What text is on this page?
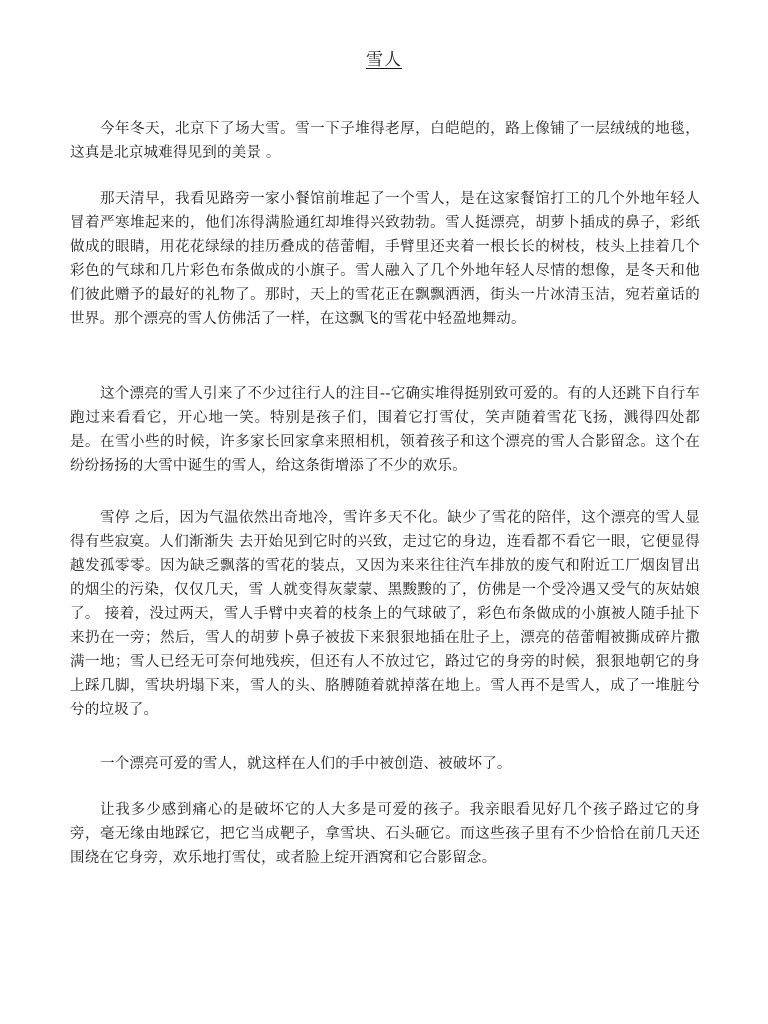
雪人

今年冬天，北京下了场大雪。雪一下子堆得老厚，白皑皑的，路上像铺了一层绒绒的地毯，这真是北京城难得见到的美景 。

那天清早，我看见路旁一家小餐馆前堆起了一个雪人，是在这家餐馆打工的几个外地年轻人冒着严寒堆起来的，他们冻得满脸通红却堆得兴致勃勃。雪人挺漂亮，胡萝卜插成的鼻子，彩纸做成的眼睛，用花花绿绿的挂历叠成的蓓蕾帽，手臂里还夹着一根长长的树枝，枝头上挂着几个彩色的气球和几片彩色布条做成的小旗子。雪人融入了几个外地年轻人尽情的想像，是冬天和他们彼此赠予的最好的礼物了。那时，天上的雪花正在飘飘洒洒，街头一片冰清玉洁，宛若童话的世界。那个漂亮的雪人仿佛活了一样，在这飘飞的雪花中轻盈地舞动。

这个漂亮的雪人引来了不少过往行人的注目--它确实堆得挺别致可爱的。有的人还跳下自行车跑过来看看它，开心地一笑。特别是孩子们，围着它打雪仗，笑声随着雪花飞扬，溅得四处都是。在雪小些的时候，许多家长回家拿来照相机，领着孩子和这个漂亮的雪人合影留念。这个在纷纷扬扬的大雪中诞生的雪人，给这条街增添了不少的欢乐。

雪停 之后，因为气温依然出奇地冷，雪许多天不化。缺少了雪花的陪伴，这个漂亮的雪人显得有些寂寞。人们渐渐失 去开始见到它时的兴致，走过它的身边，连看都不看它一眼，它便显得越发孤零零。因为缺乏飘落的雪花的装点，又因为来来往往汽车排放的废气和附近工厂烟囱冒出的烟尘的污染，仅仅几天，雪 人就变得灰蒙蒙、黑黢黢的了，仿佛是一个受冷遇又受气的灰姑娘了。 接着，没过两天，雪人手臂中夹着的枝条上的气球破了，彩色布条做成的小旗被人随手扯下来扔在一旁；然后，雪人的胡萝卜鼻子被拔下来狠狠地插在肚子上，漂亮的蓓蕾帽被撕成碎片撒满一地；雪人已经无可奈何地残疾，但还有人不放过它，路过它的身旁的时候，狠狠地朝它的身上踩几脚，雪块坍塌下来，雪人的头、胳膊随着就掉落在地上。雪人再不是雪人，成了一堆脏兮兮的垃圾了。

一个漂亮可爱的雪人，就这样在人们的手中被创造、被破坏了。

让我多少感到痛心的是破坏它的人大多是可爱的孩子。我亲眼看见好几个孩子路过它的身旁，毫无缘由地踩它，把它当成靶子，拿雪块、石头砸它。而这些孩子里有不少恰恰在前几天还围绕在它身旁，欢乐地打雪仗，或者脸上绽开酒窝和它合影留念。
